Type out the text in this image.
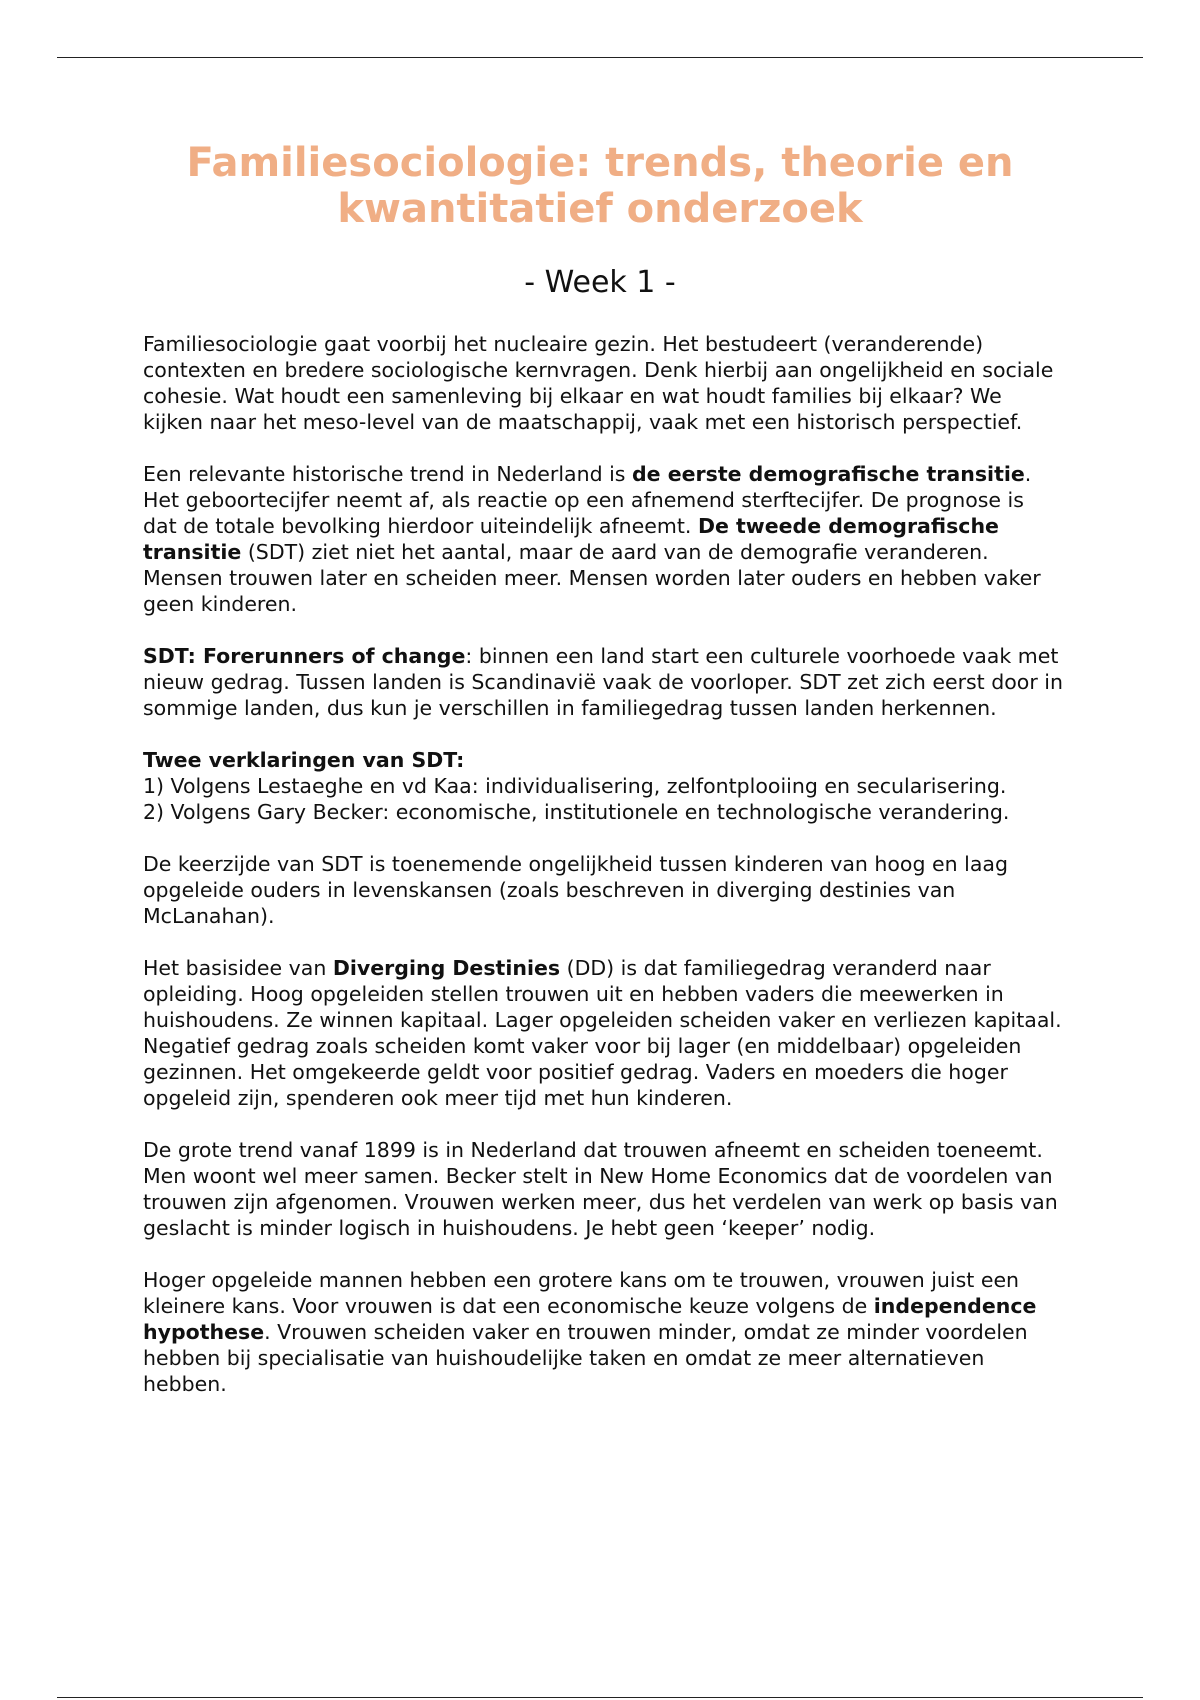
Familiesociologie: trends, theorie en kwantitatief onderzoek
- Week 1 -

Familiesociologie gaat voorbij het nucleaire gezin. Het bestudeert (veranderende) contexten en bredere sociologische kernvragen. Denk hierbij aan ongelijkheid en sociale cohesie. Wat houdt een samenleving bij elkaar en wat houdt families bij elkaar? We kijken naar het meso-level van de maatschappij, vaak met een historisch perspectief.

Een relevante historische trend in Nederland is de eerste demografische transitie. Het geboortecijfer neemt af, als reactie op een afnemend sterftecijfer. De prognose is dat de totale bevolking hierdoor uiteindelijk afneemt. De tweede demografische transitie (SDT) ziet niet het aantal, maar de aard van de demografie veranderen. Mensen trouwen later en scheiden meer. Mensen worden later ouders en hebben vaker geen kinderen.

SDT: Forerunners of change: binnen een land start een culturele voorhoede vaak met nieuw gedrag. Tussen landen is Scandinavië vaak de voorloper. SDT zet zich eerst door in sommige landen, dus kun je verschillen in familiegedrag tussen landen herkennen.

Twee verklaringen van SDT:
1) Volgens Lestaeghe en vd Kaa: individualisering, zelfontplooiing en secularisering.
2) Volgens Gary Becker: economische, institutionele en technologische verandering.

De keerzijde van SDT is toenemende ongelijkheid tussen kinderen van hoog en laag opgeleide ouders in levenskansen (zoals beschreven in diverging destinies van McLanahan).

Het basisidee van Diverging Destinies (DD) is dat familiegedrag veranderd naar opleiding. Hoog opgeleiden stellen trouwen uit en hebben vaders die meewerken in huishoudens. Ze winnen kapitaal. Lager opgeleiden scheiden vaker en verliezen kapitaal. Negatief gedrag zoals scheiden komt vaker voor bij lager (en middelbaar) opgeleiden gezinnen. Het omgekeerde geldt voor positief gedrag. Vaders en moeders die hoger opgeleid zijn, spenderen ook meer tijd met hun kinderen.

De grote trend vanaf 1899 is in Nederland dat trouwen afneemt en scheiden toeneemt. Men woont wel meer samen. Becker stelt in New Home Economics dat de voordelen van trouwen zijn afgenomen. Vrouwen werken meer, dus het verdelen van werk op basis van geslacht is minder logisch in huishoudens. Je hebt geen ‘keeper’ nodig.

Hoger opgeleide mannen hebben een grotere kans om te trouwen, vrouwen juist een kleinere kans. Voor vrouwen is dat een economische keuze volgens de independence hypothese. Vrouwen scheiden vaker en trouwen minder, omdat ze minder voordelen hebben bij specialisatie van huishoudelijke taken en omdat ze meer alternatieven hebben.
